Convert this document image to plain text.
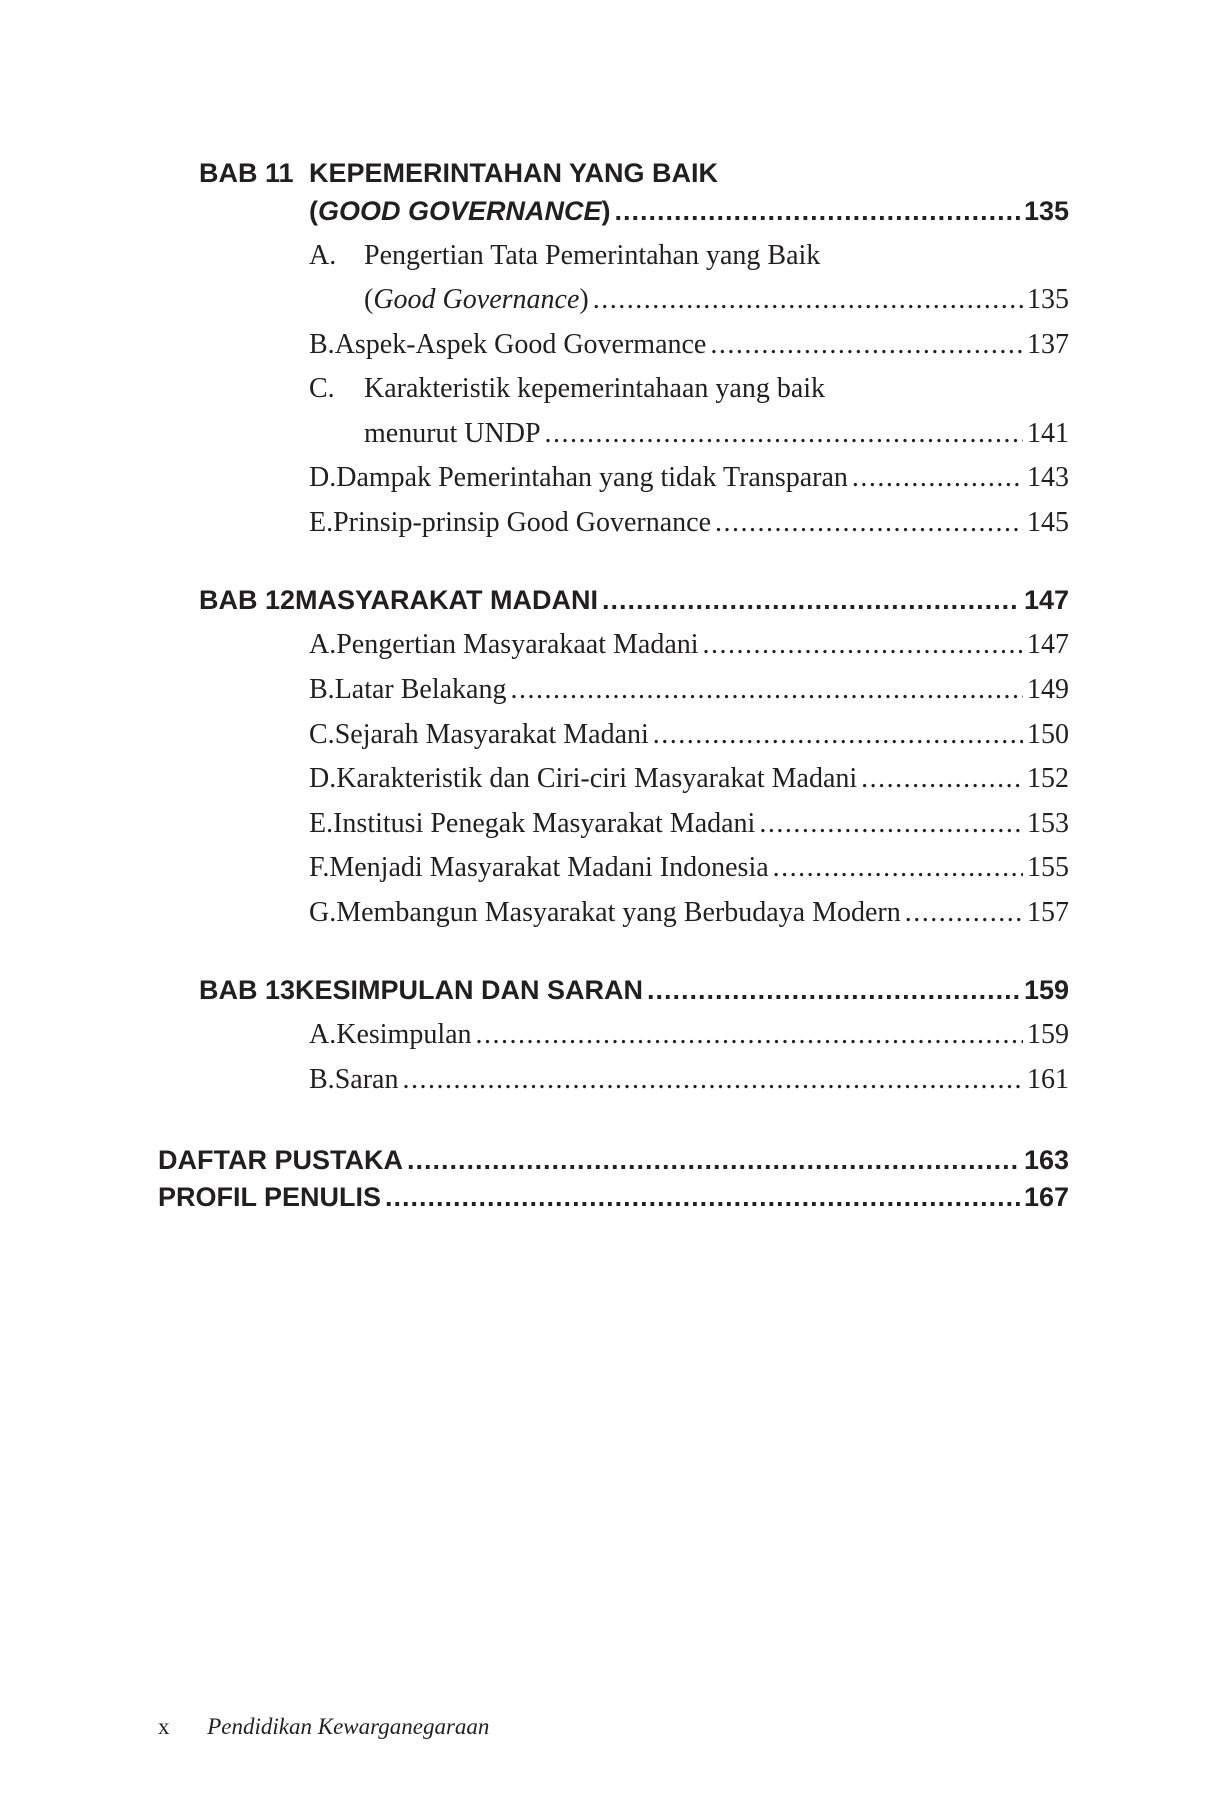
BAB 11 KEPEMERINTAHAN YANG BAIK
(GOOD GOVERNANCE) .....	135
A. Pengertian Tata Pemerintahan yang Baik
(Good Governance) .....	135
B. Aspek-Aspek Good Govermance .....	137
C.	Karakteristik kepemerintahaan yang baik
menurut UNDP .....	141
D. Dampak Pemerintahan yang tidak Transparan .....	143
E. Prinsip-prinsip Good Governance .....	145
BAB 12 MASYARAKAT MADANI .....	147
A. Pengertian Masyarakaat Madani .....	147
B. Latar Belakang .....	149
C. Sejarah Masyarakat Madani .....	150
D. Karakteristik dan Ciri-ciri Masyarakat Madani .....	152
E. Institusi Penegak Masyarakat Madani .....	153
F. Menjadi Masyarakat Madani Indonesia .....	155
G. Membangun Masyarakat yang Berbudaya Modern .....	157
BAB 13 KESIMPULAN DAN SARAN .....	159
A. Kesimpulan .....	159
B. Saran .....	161
DAFTAR PUSTAKA .....	163
PROFIL PENULIS .....	167
x Pendidikan Kewarganegaraan
